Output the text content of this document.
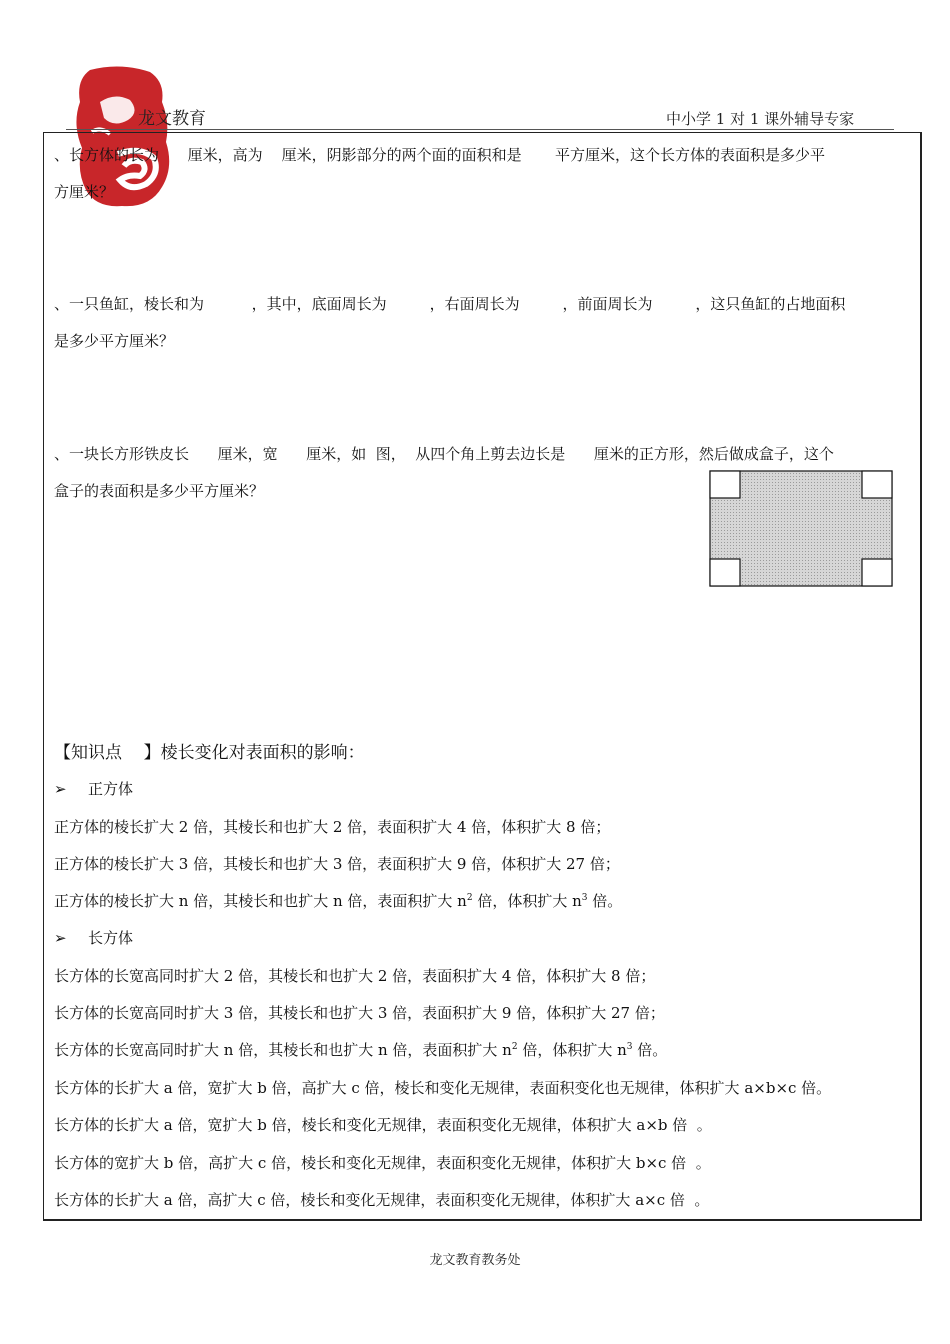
龙文教育	中小学 1 对 1 课外辅导专家
、长方体的长为      厘米，高为    厘米，阴影部分的两个面的面积和是       平方厘米，这个长方体的表面积是多少平
方厘米？
、一只鱼缸，棱长和为          ，其中，底面周长为         ，右面周长为         ，前面周长为         ，这只鱼缸的占地面积
是多少平方厘米？
、一块长方形铁皮长      厘米，宽      厘米，如  图，  从四个角上剪去边长是      厘米的正方形，然后做成盒子，这个
盒子的表面积是多少平方厘米？
【知识点    】棱长变化对表面积的影响：
➢ 正方体
正方体的棱长扩大 2 倍，其棱长和也扩大 2 倍，表面积扩大 4 倍，体积扩大 8 倍；
正方体的棱长扩大 3 倍，其棱长和也扩大 3 倍，表面积扩大 9 倍，体积扩大 27 倍；
正方体的棱长扩大 n 倍，其棱长和也扩大 n 倍，表面积扩大 $n^2$ 倍，体积扩大 $n^3$ 倍。
➢ 长方体
长方体的长宽高同时扩大 2 倍，其棱长和也扩大 2 倍，表面积扩大 4 倍，体积扩大 8 倍；
长方体的长宽高同时扩大 3 倍，其棱长和也扩大 3 倍，表面积扩大 9 倍，体积扩大 27 倍；
长方体的长宽高同时扩大 n 倍，其棱长和也扩大 n 倍，表面积扩大 $n^2$ 倍，体积扩大 $n^3$ 倍。
长方体的长扩大 a 倍，宽扩大 b 倍，高扩大 c 倍，棱长和变化无规律，表面积变化也无规律，体积扩大 a×b×c 倍。
长方体的长扩大 a 倍，宽扩大 b 倍，棱长和变化无规律，表面积变化无规律，体积扩大 a×b 倍  。
长方体的宽扩大 b 倍，高扩大 c 倍，棱长和变化无规律，表面积变化无规律，体积扩大 b×c 倍  。
长方体的长扩大 a 倍，高扩大 c 倍，棱长和变化无规律，表面积变化无规律，体积扩大 a×c 倍  。
龙文教育教务处
